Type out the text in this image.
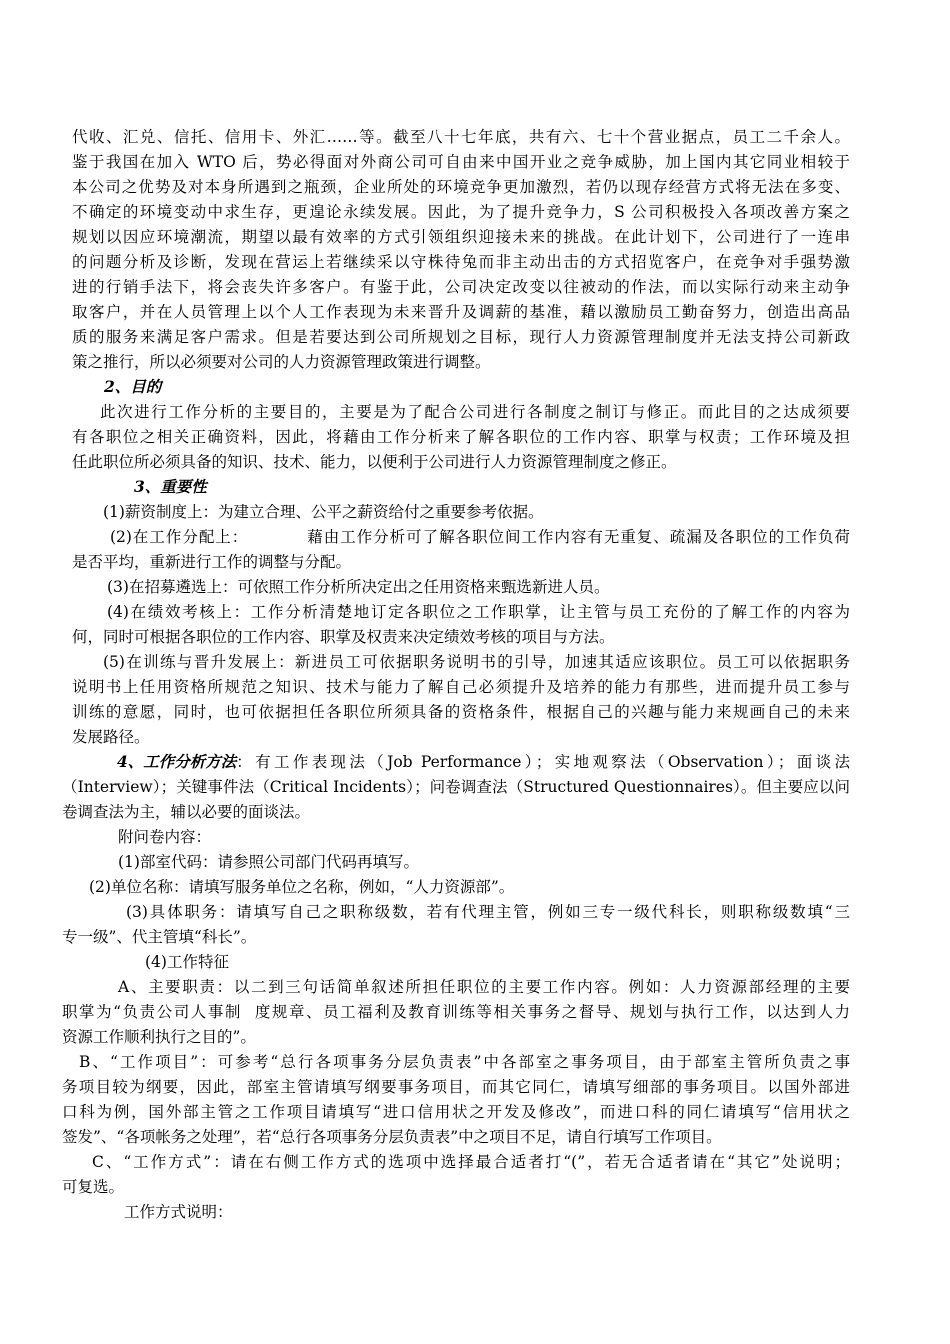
代收、汇兑、信托、信用卡、外汇……等。截至八十七年底，共有六、七十个营业据点，员工二千余人。
鉴于我国在加入 WTO 后，势必得面对外商公司可自由来中国开业之竞争威胁，加上国内其它同业相较于
本公司之优势及对本身所遇到之瓶颈，企业所处的环境竞争更加激烈，若仍以现存经营方式将无法在多变、
不确定的环境变动中求生存，更遑论永续发展。因此，为了提升竞争力，S 公司积极投入各项改善方案之
规划以因应环境潮流，期望以最有效率的方式引领组织迎接未来的挑战。在此计划下，公司进行了一连串
的问题分析及诊断，发现在营运上若继续采以守株待兔而非主动出击的方式招览客户，在竞争对手强势激
进的行销手法下，将会丧失许多客户。有鉴于此，公司决定改变以往被动的作法，而以实际行动来主动争
取客户，并在人员管理上以个人工作表现为未来晋升及调薪的基准，藉以激励员工勤奋努力，创造出高品
质的服务来满足客户需求。但是若要达到公司所规划之目标，现行人力资源管理制度并无法支持公司新政
策之推行，所以必须要对公司的人力资源管理政策进行调整。
2、目的
此次进行工作分析的主要目的，主要是为了配合公司进行各制度之制订与修正。而此目的之达成须要
有各职位之相关正确资料，因此，将藉由工作分析来了解各职位的工作内容、职掌与权责；工作环境及担
任此职位所必须具备的知识、技术、能力，以便利于公司进行人力资源管理制度之修正。
3、重要性
(1)薪资制度上：为建立合理、公平之薪资给付之重要参考依据。
(2)在工作分配上：          藉由工作分析可了解各职位间工作内容有无重复、疏漏及各职位的工作负荷
是否平均，重新进行工作的调整与分配。
(3)在招募遴选上：可依照工作分析所决定出之任用资格来甄选新进人员。
(4)在绩效考核上：工作分析清楚地订定各职位之工作职掌，让主管与员工充份的了解工作的内容为
何，同时可根据各职位的工作内容、职掌及权责来决定绩效考核的项目与方法。
(5)在训练与晋升发展上：新进员工可依据职务说明书的引导，加速其适应该职位。员工可以依据职务
说明书上任用资格所规范之知识、技术与能力了解自己必须提升及培养的能力有那些，进而提升员工参与
训练的意愿，同时，也可依据担任各职位所须具备的资格条件，根据自己的兴趣与能力来规画自己的未来
发展路径。
4、工作分析方法 ：有工作表现法（Job Performance）；实地观察法（Observation）；面谈法
（Interview）；关键事件法（Critical Incidents）；问卷调查法（Structured Questionnaires）。但主要应以问
卷调查法为主，辅以必要的面谈法。
附问卷内容：
(1)部室代码：请参照公司部门代码再填写。
(2)单位名称：请填写服务单位之名称，例如，“人力资源部”。
(3)具体职务：请填写自己之职称级数，若有代理主管，例如三专一级代科长，则职称级数填“三
专一级”、代主管填“科长”。
(4)工作特征
A、主要职责：以二到三句话简单叙述所担任职位的主要工作内容。例如：人力资源部经理的主要
职掌为“负责公司人事制  度规章、员工福利及教育训练等相关事务之督导、规划与执行工作，以达到人力
资源工作顺利执行之目的”。
B、“工作项目”：可参考“总行各项事务分层负责表”中各部室之事务项目，由于部室主管所负责之事
务项目较为纲要，因此，部室主管请填写纲要事务项目，而其它同仁，请填写细部的事务项目。以国外部进
口科为例，国外部主管之工作项目请填写“进口信用状之开发及修改”，而进口科的同仁请填写“信用状之
签发”、“各项帐务之处理”，若“总行各项事务分层负责表”中之项目不足，请自行填写工作项目。
C、“工作方式”：请在右侧工作方式的选项中选择最合适者打“(”，若无合适者请在“其它”处说明；
可复选。
工作方式说明：
